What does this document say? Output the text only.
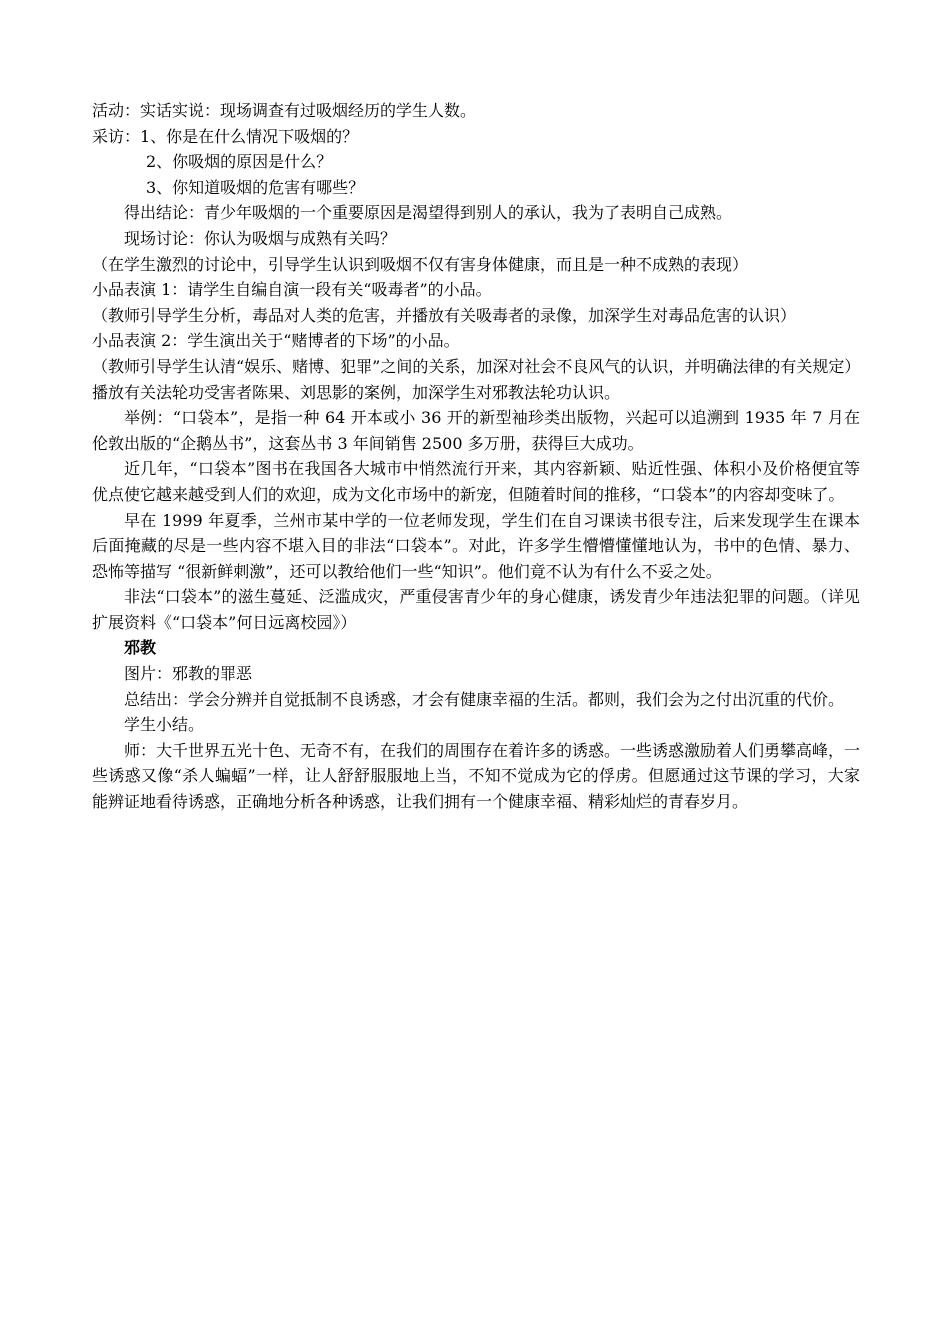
活动：实话实说：现场调查有过吸烟经历的学生人数。

采访：1、你是在什么情况下吸烟的？

2、你吸烟的原因是什么？

3、你知道吸烟的危害有哪些？

得出结论：青少年吸烟的一个重要原因是渴望得到别人的承认，我为了表明自己成熟。

现场讨论：你认为吸烟与成熟有关吗？

（在学生激烈的讨论中，引导学生认识到吸烟不仅有害身体健康，而且是一种不成熟的表现）

小品表演 1：请学生自编自演一段有关“吸毒者”的小品。

（教师引导学生分析，毒品对人类的危害，并播放有关吸毒者的录像，加深学生对毒品危害的认识）

小品表演 2：学生演出关于“赌博者的下场”的小品。

（教师引导学生认清“娱乐、赌博、犯罪”之间的关系，加深对社会不良风气的认识，并明确法律的有关规定）

播放有关法轮功受害者陈果、刘思影的案例，加深学生对邪教法轮功认识。

举例：“口袋本”，是指一种 64 开本或小 36 开的新型袖珍类出版物，兴起可以追溯到 1935 年 7 月在伦敦出版的“企鹅丛书”，这套丛书 3 年间销售 2500 多万册，获得巨大成功。

近几年，“口袋本”图书在我国各大城市中悄然流行开来，其内容新颖、贴近性强、体积小及价格便宜等优点使它越来越受到人们的欢迎，成为文化市场中的新宠，但随着时间的推移，“口袋本”的内容却变味了。

早在 1999 年夏季，兰州市某中学的一位老师发现，学生们在自习课读书很专注，后来发现学生在课本后面掩藏的尽是一些内容不堪入目的非法“口袋本”。对此，许多学生懵懵懂懂地认为，书中的色情、暴力、恐怖等描写 “很新鲜刺激”，还可以教给他们一些“知识”。他们竟不认为有什么不妥之处。

非法“口袋本”的滋生蔓延、泛滥成灾，严重侵害青少年的身心健康，诱发青少年违法犯罪的问题。（详见扩展资料《“口袋本”何日远离校园》）

邪教

图片：邪教的罪恶

总结出：学会分辨并自觉抵制不良诱惑，才会有健康幸福的生活。都则，我们会为之付出沉重的代价。

学生小结。

师：大千世界五光十色、无奇不有，在我们的周围存在着许多的诱惑。一些诱惑激励着人们勇攀高峰，一些诱惑又像“杀人蝙蝠”一样，让人舒舒服服地上当，不知不觉成为它的俘虏。但愿通过这节课的学习，大家能辨证地看待诱惑，正确地分析各种诱惑，让我们拥有一个健康幸福、精彩灿烂的青春岁月。
